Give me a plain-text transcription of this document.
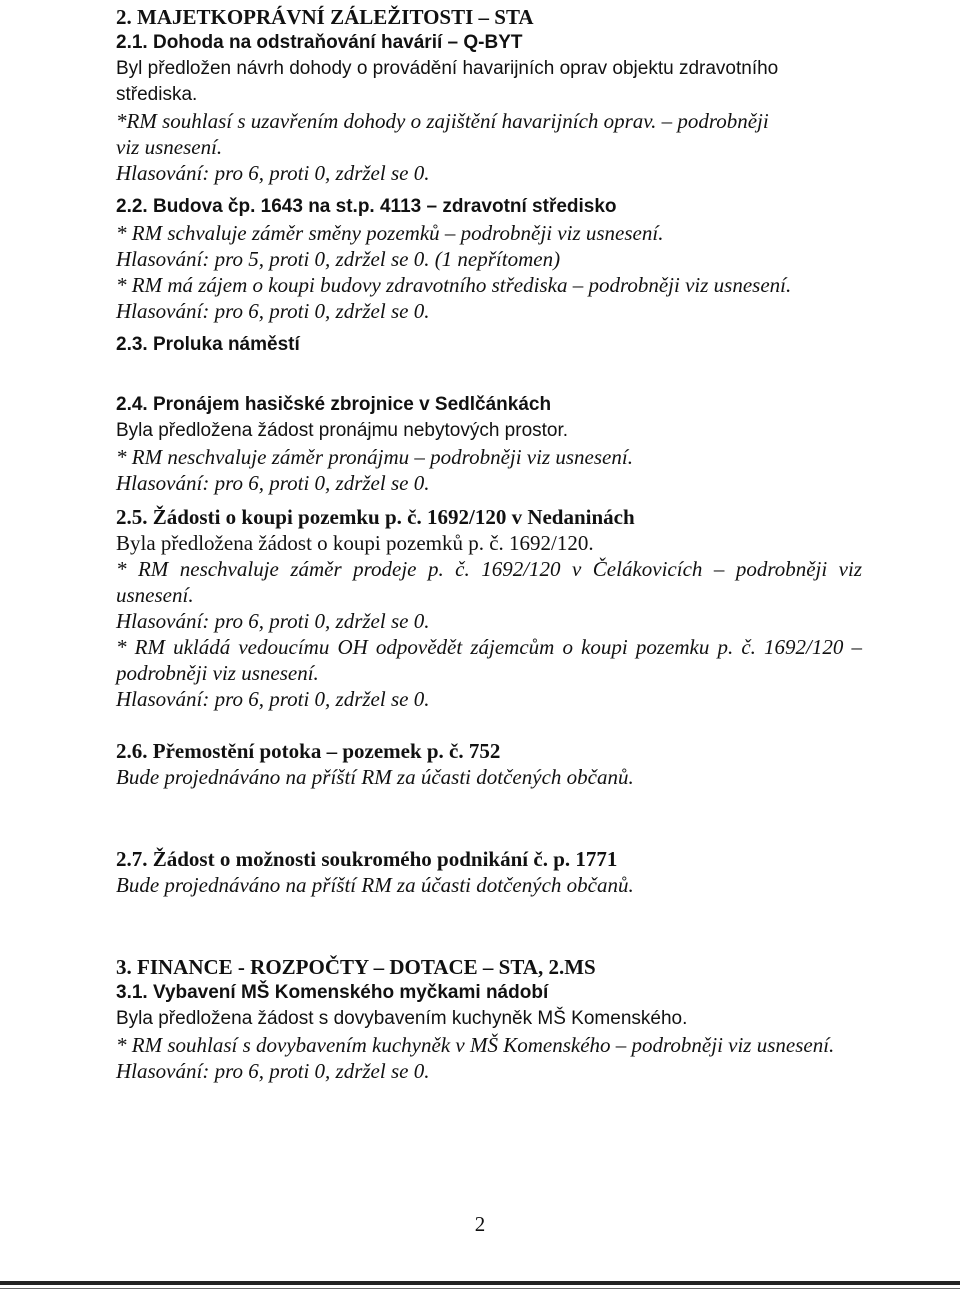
2. MAJETKOPRÁVNÍ ZÁLEŽITOSTI – STA
2.1. Dohoda na odstraňování havárií – Q-BYT
Byl předložen návrh dohody o provádění havarijních oprav objektu zdravotního
střediska.
*RM souhlasí s uzavřením dohody o zajištění havarijních oprav. – podrobněji
viz usnesení.
Hlasování: pro 6, proti 0, zdržel se 0.
2.2. Budova čp. 1643 na st.p. 4113 – zdravotní středisko
* RM schvaluje záměr směny pozemků – podrobněji viz usnesení.
Hlasování: pro 5, proti 0, zdržel se 0. (1 nepřítomen)
* RM má zájem o koupi budovy zdravotního střediska – podrobněji viz usnesení.
Hlasování: pro 6, proti 0, zdržel se 0.
2.3. Proluka náměstí
2.4. Pronájem hasičské zbrojnice v Sedlčánkách
Byla předložena žádost pronájmu nebytových prostor.
* RM neschvaluje záměr pronájmu – podrobněji viz usnesení.
Hlasování: pro 6, proti 0, zdržel se 0.
2.5. Žádosti o koupi pozemku p. č. 1692/120 v Nedaninách
Byla předložena žádost o koupi pozemků p. č. 1692/120.
* RM neschvaluje záměr prodeje p. č. 1692/120 v Čelákovicích – podrobněji viz usnesení.
Hlasování: pro 6, proti 0, zdržel se 0.
* RM ukládá vedoucímu OH odpovědět zájemcům o koupi pozemku p. č. 1692/120 – podrobněji viz usnesení.
Hlasování: pro 6, proti 0, zdržel se 0.
2.6. Přemostění potoka – pozemek p. č. 752
Bude projednáváno na příští RM za účasti dotčených občanů.
2.7. Žádost o možnosti soukromého podnikání č. p. 1771
Bude projednáváno na příští RM za účasti dotčených občanů.
3. FINANCE - ROZPOČTY – DOTACE – STA, 2.MS
3.1. Vybavení MŠ Komenského myčkami nádobí
Byla předložena žádost s dovybavením kuchyněk MŠ Komenského.
* RM souhlasí s dovybavením kuchyněk v MŠ Komenského – podrobněji viz usnesení.
Hlasování: pro 6, proti 0, zdržel se 0.
2
